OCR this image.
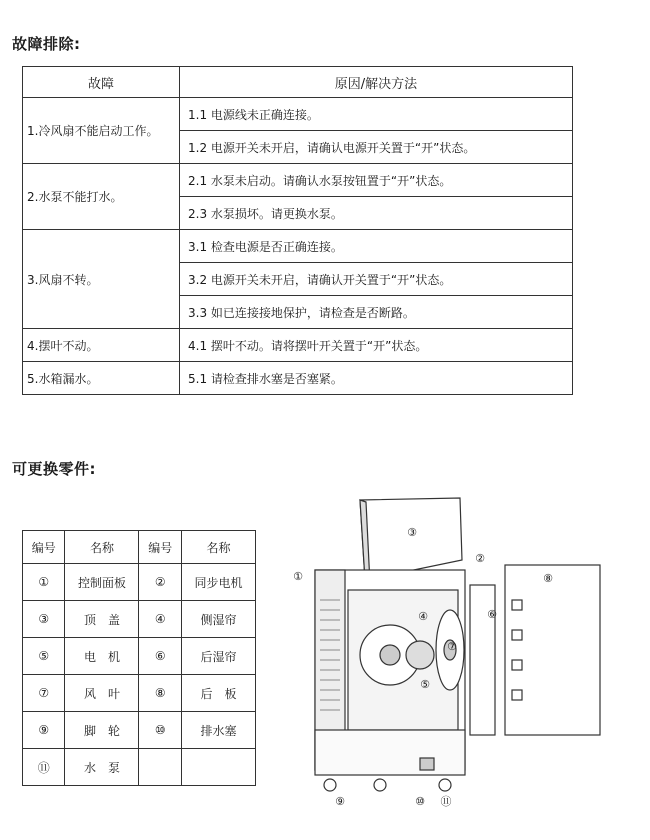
故障排除:
故障	原因/解决方法
1.冷风扇不能启动工作。	1.1 电源线未正确连接。
	1.2 电源开关未开启，请确认电源开关置于“开”状态。
2.水泵不能打水。	2.1 水泵未启动。请确认水泵按钮置于“开”状态。
	2.3 水泵损坏。请更换水泵。
3.风扇不转。	3.1 检查电源是否正确连接。
	3.2 电源开关未开启，请确认开关置于“开”状态。
	3.3 如已连接接地保护，请检查是否断路。
4.摆叶不动。	4.1 摆叶不动。请将摆叶开关置于“开”状态。
5.水箱漏水。	5.1 请检查排水塞是否塞紧。
可更换零件:
编号	名称	编号	名称
①	控制面板	②	同步电机
③	顶　盖	④	侧湿帘
⑤	电　机	⑥	后湿帘
⑦	风　叶	⑧	后　板
⑨	脚　轮	⑩	排水塞
⑪	水　泵		
①
②
③
④
⑤
⑥
⑦
⑧
⑨	⑩ ⑪
